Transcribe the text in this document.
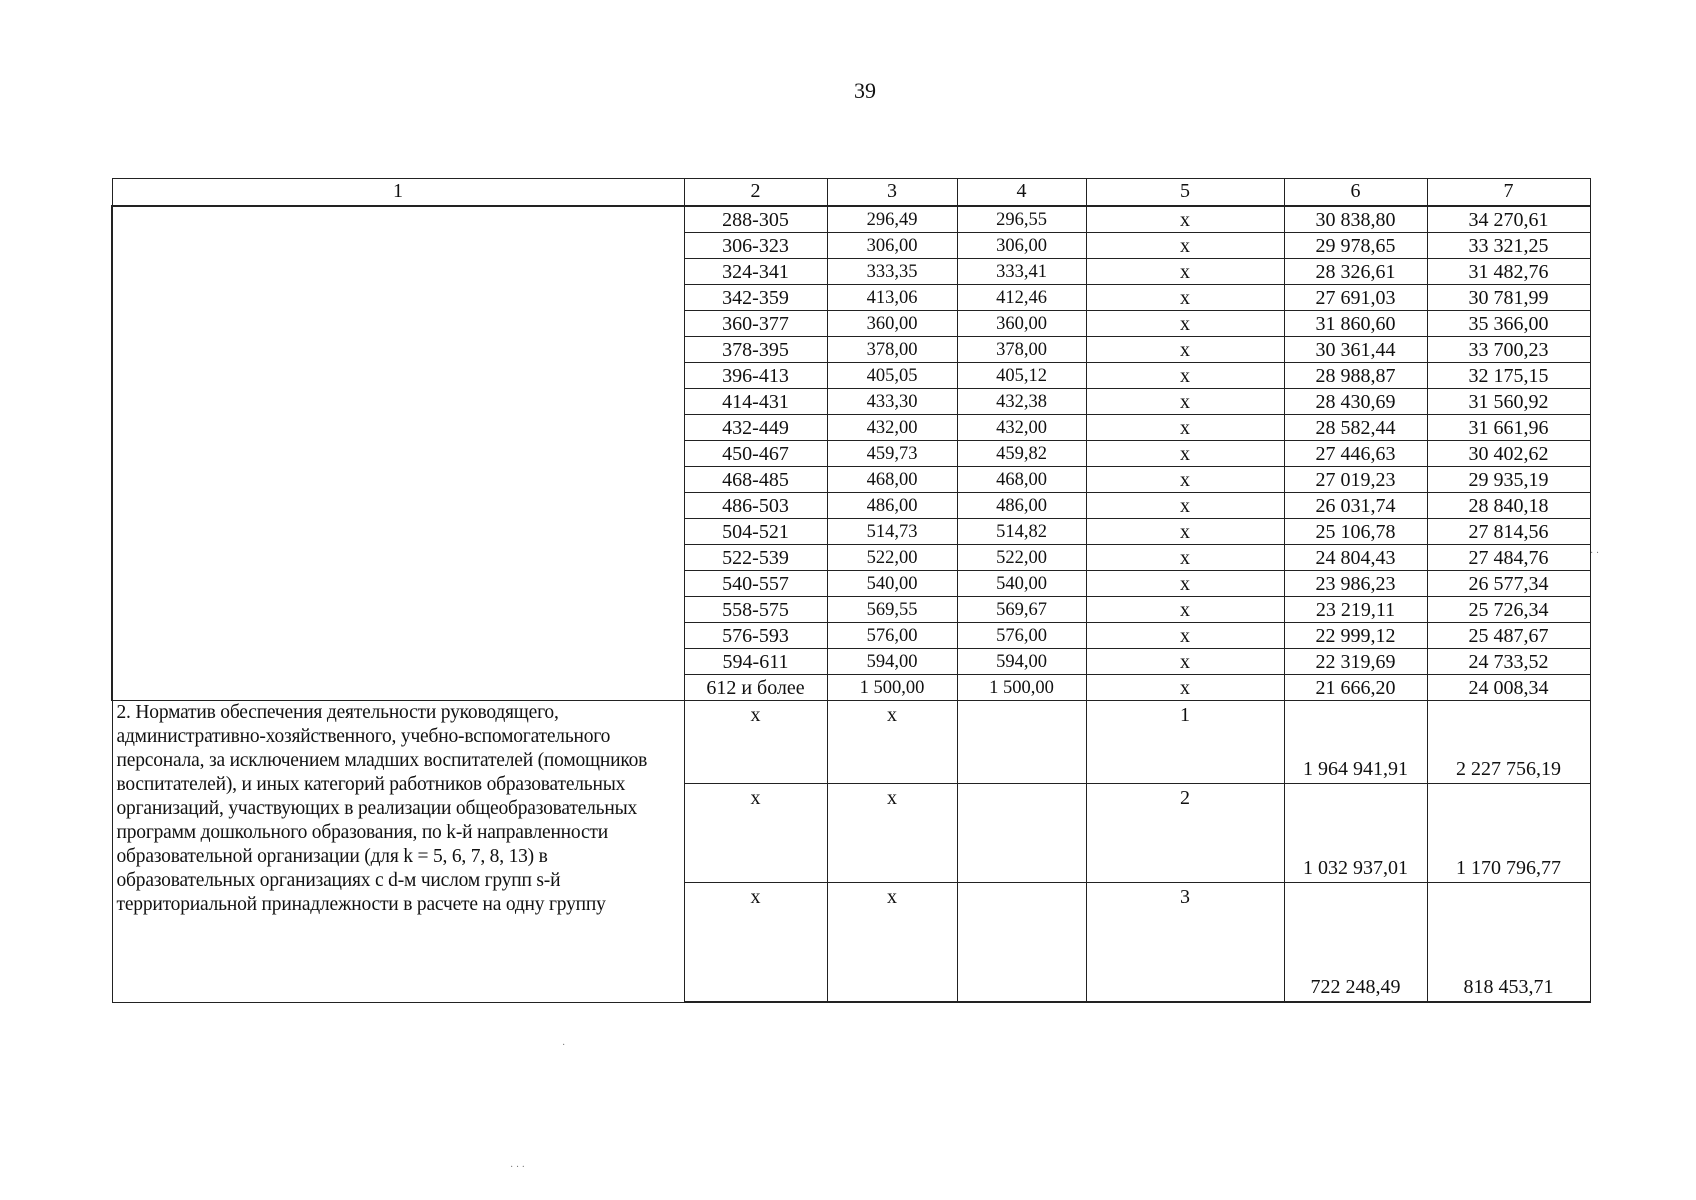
39
1	2	3	4	5	6	7
	288-305	296,49	296,55	x	30 838,80	34 270,61
	306-323	306,00	306,00	x	29 978,65	33 321,25
	324-341	333,35	333,41	x	28 326,61	31 482,76
	342-359	413,06	412,46	x	27 691,03	30 781,99
	360-377	360,00	360,00	x	31 860,60	35 366,00
	378-395	378,00	378,00	x	30 361,44	33 700,23
	396-413	405,05	405,12	x	28 988,87	32 175,15
	414-431	433,30	432,38	x	28 430,69	31 560,92
	432-449	432,00	432,00	x	28 582,44	31 661,96
	450-467	459,73	459,82	x	27 446,63	30 402,62
	468-485	468,00	468,00	x	27 019,23	29 935,19
	486-503	486,00	486,00	x	26 031,74	28 840,18
	504-521	514,73	514,82	x	25 106,78	27 814,56
	522-539	522,00	522,00	x	24 804,43	27 484,76
	540-557	540,00	540,00	x	23 986,23	26 577,34
	558-575	569,55	569,67	x	23 219,11	25 726,34
	576-593	576,00	576,00	x	22 999,12	25 487,67
	594-611	594,00	594,00	x	22 319,69	24 733,52
	612 и более	1 500,00	1 500,00	x	21 666,20	24 008,34
2. Норматив обеспечения деятельности руководящего, административно-хозяйственного, учебно-вспомогательного персонала, за исключением младших воспитателей (помощников воспитателей), и иных категорий работников образовательных организаций, участвующих в реализации общеобразовательных программ дошкольного образования, по k-й направленности образовательной организации (для k = 5, 6, 7, 8, 13) в образовательных организациях с d-м числом групп s-й территориальной принадлежности в расчете на одну группу	x	x		1	1 964 941,91	2 227 756,19

	x	x		2	1 032 937,01	1 170 796,77

	x	x		3	722 248,49	818 453,71
· ·
·
· · ·
